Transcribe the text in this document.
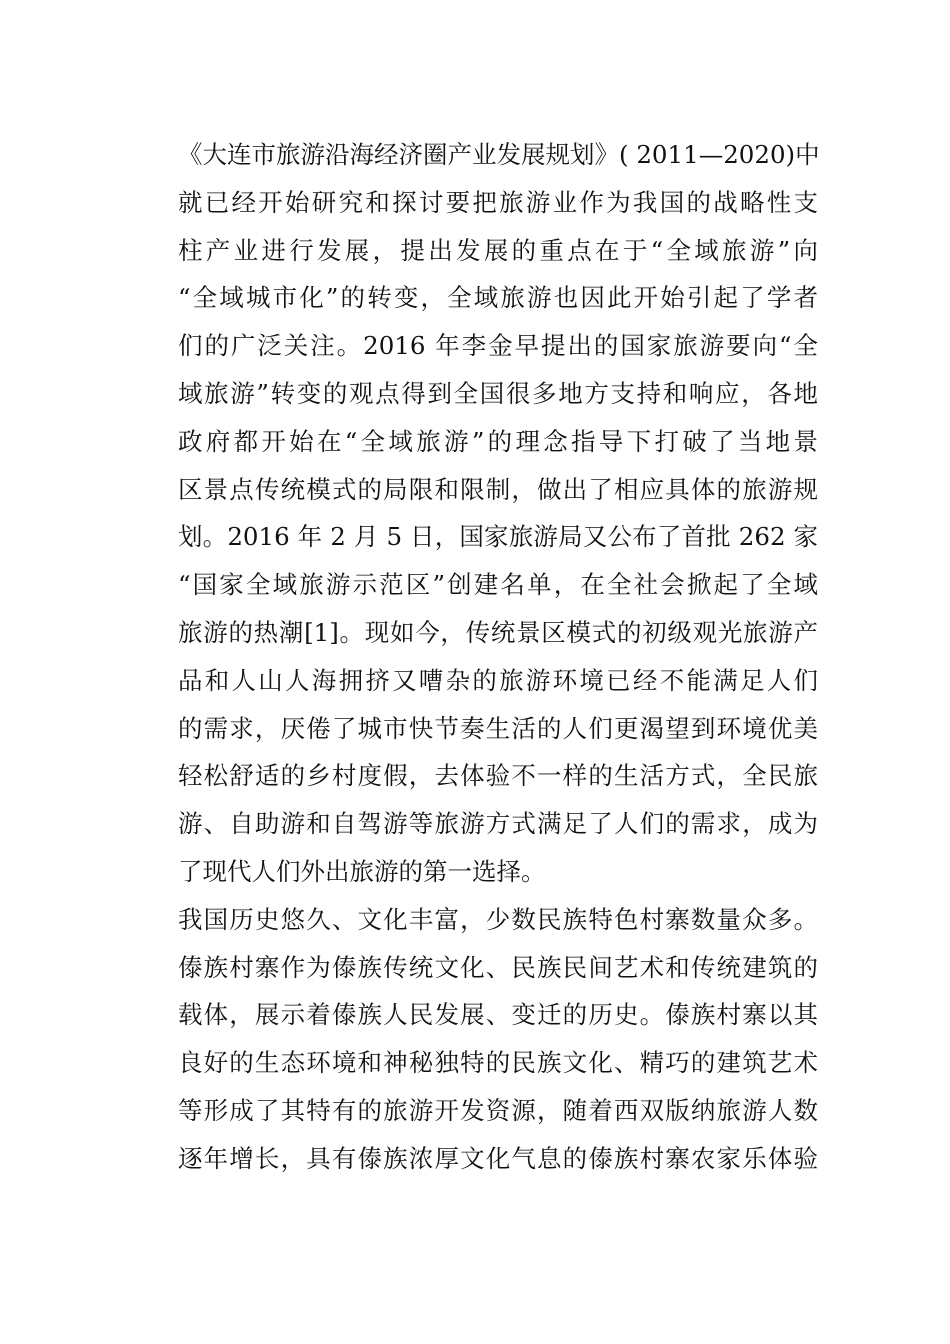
《大连市旅游沿海经济圈产业发展规划》( 2011—2020)中
就已经开始研究和探讨要把旅游业作为我国的战略性支
柱产业进行发展，提出发展的重点在于“全域旅游”向
“全域城市化”的转变，全域旅游也因此开始引起了学者
们的广泛关注。2016 年李金早提出的国家旅游要向“全
域旅游”转变的观点得到全国很多地方支持和响应，各地
政府都开始在“全域旅游”的理念指导下打破了当地景
区景点传统模式的局限和限制，做出了相应具体的旅游规
划。2016 年 2 月 5 日，国家旅游局又公布了首批 262 家
“国家全域旅游示范区”创建名单，在全社会掀起了全域
旅游的热潮[1]。现如今，传统景区模式的初级观光旅游产
品和人山人海拥挤又嘈杂的旅游环境已经不能满足人们
的需求，厌倦了城市快节奏生活的人们更渴望到环境优美
轻松舒适的乡村度假，去体验不一样的生活方式，全民旅
游、自助游和自驾游等旅游方式满足了人们的需求，成为
了现代人们外出旅游的第一选择。
我国历史悠久、文化丰富，少数民族特色村寨数量众多。
傣族村寨作为傣族传统文化、民族民间艺术和传统建筑的
载体，展示着傣族人民发展、变迁的历史。傣族村寨以其
良好的生态环境和神秘独特的民族文化、精巧的建筑艺术
等形成了其特有的旅游开发资源，随着西双版纳旅游人数
逐年增长，具有傣族浓厚文化气息的傣族村寨农家乐体验
